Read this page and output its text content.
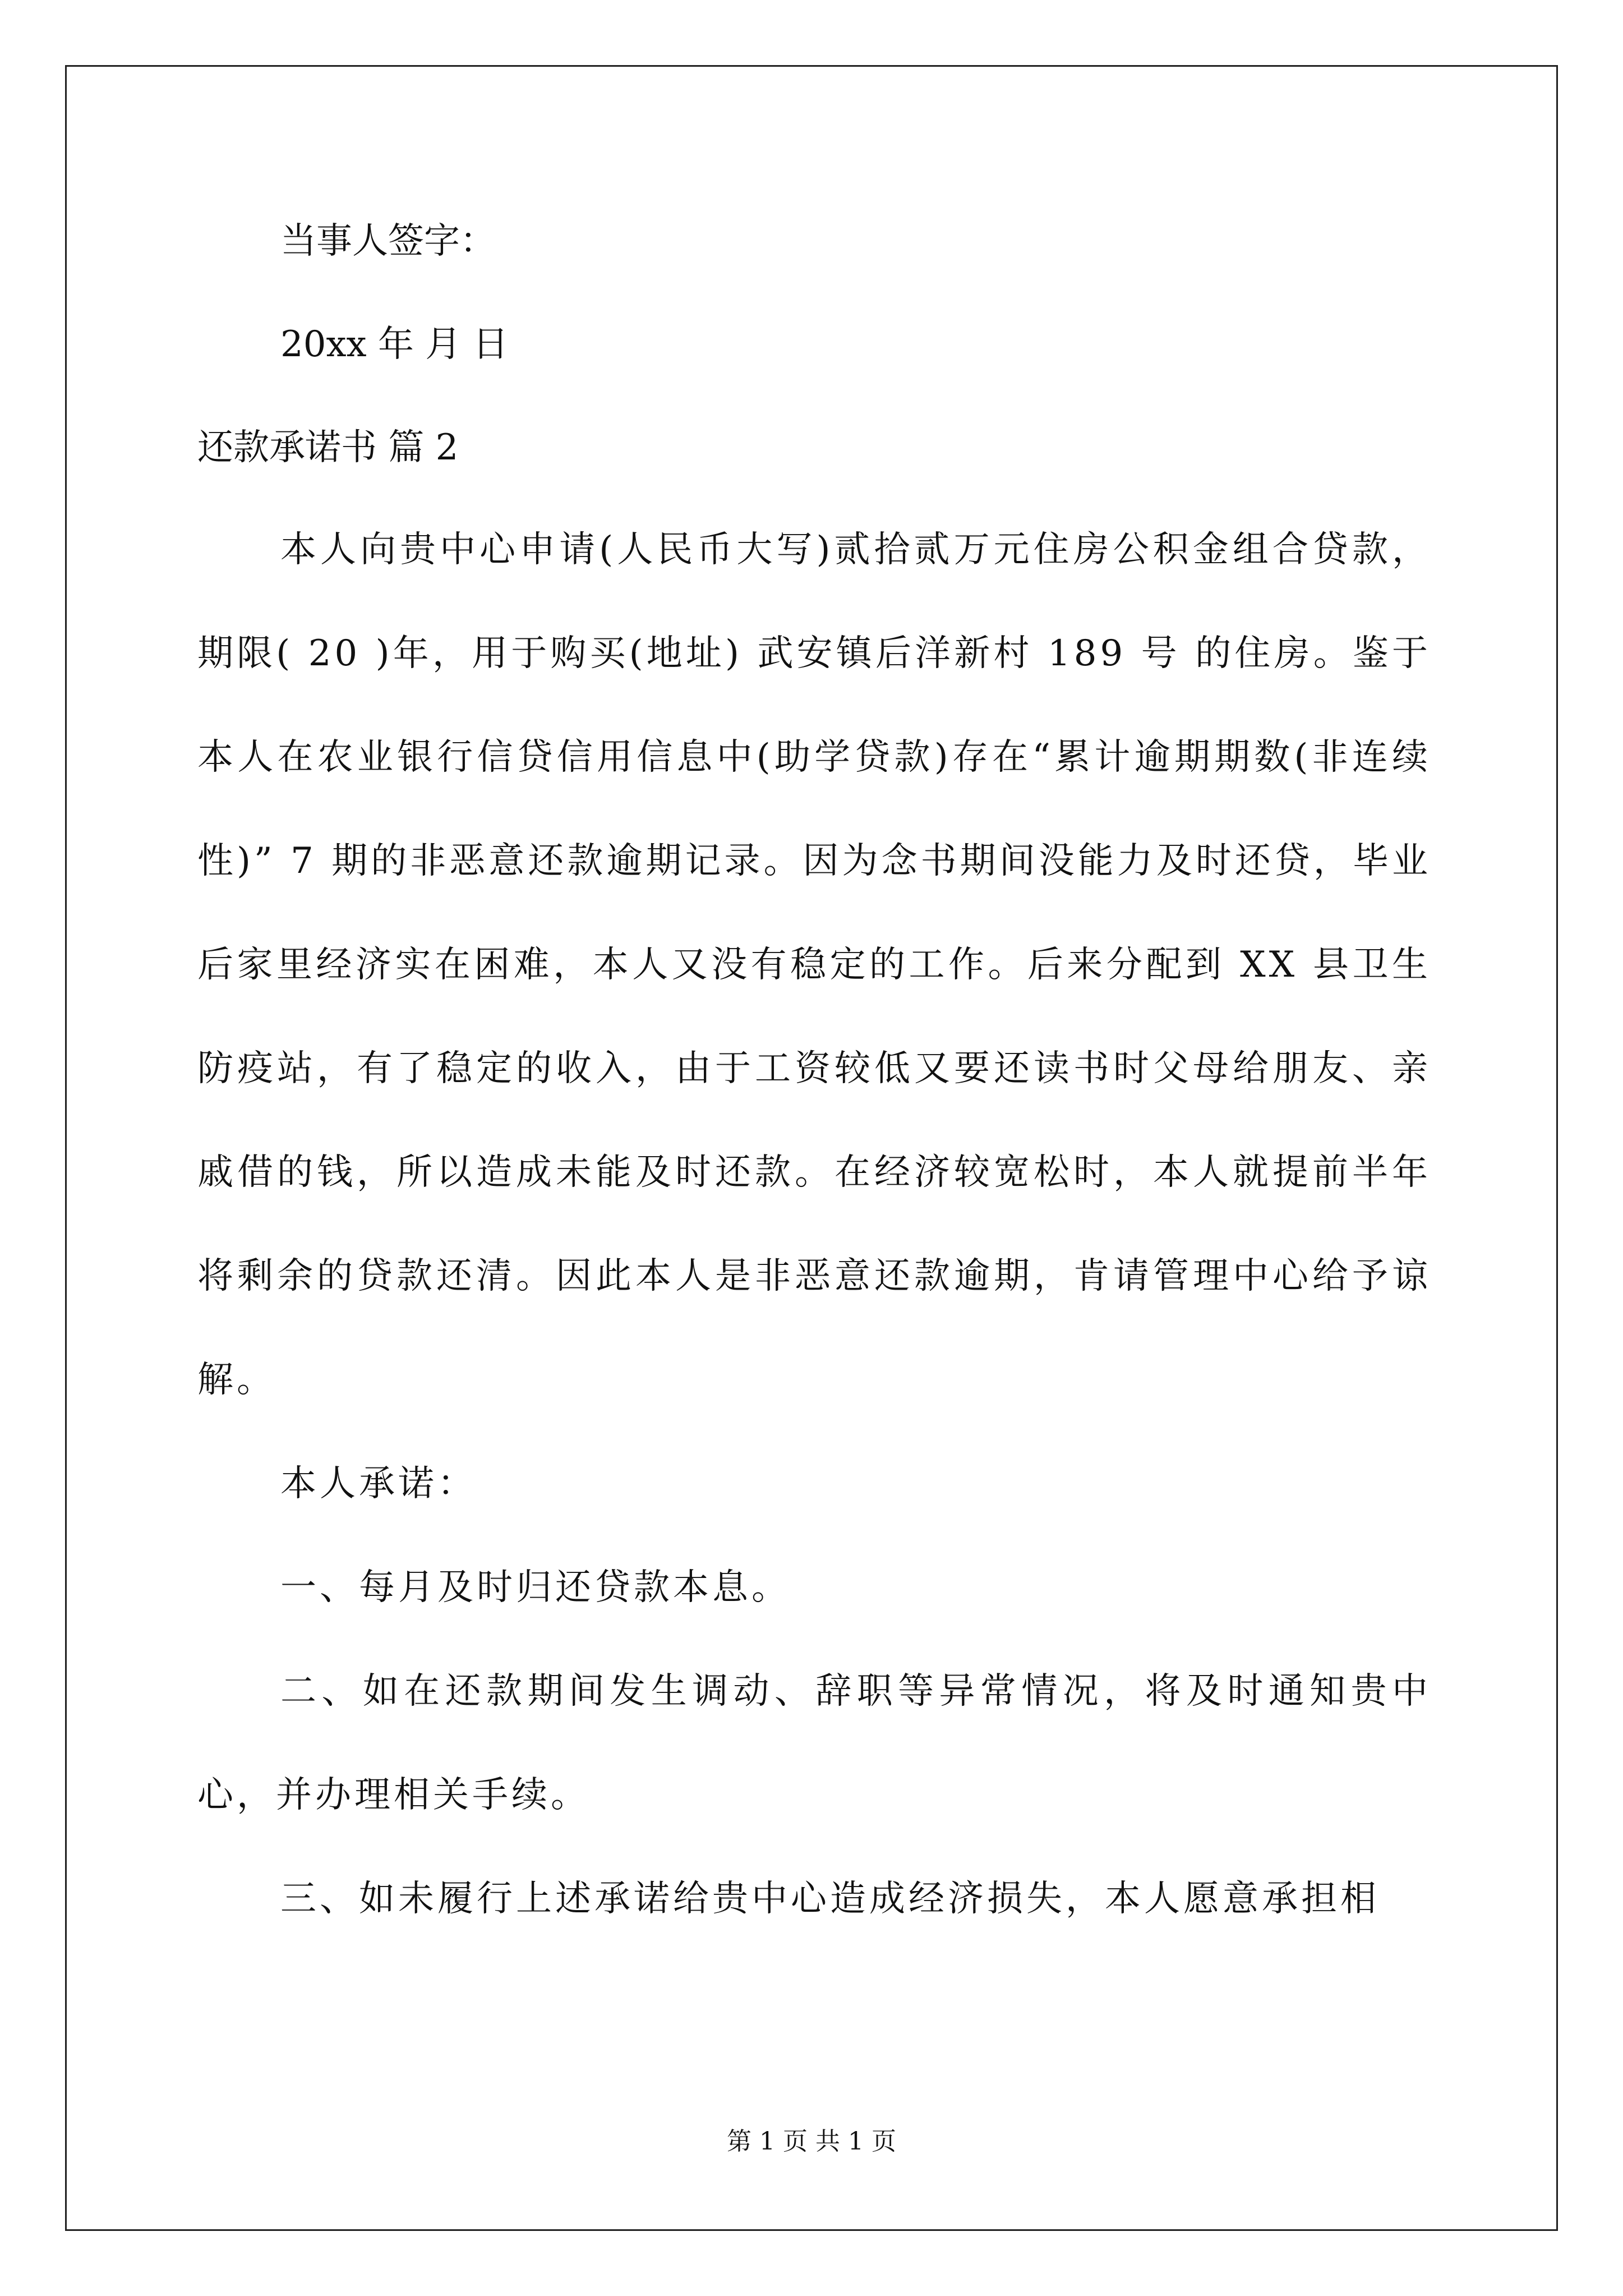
当事人签字：
20xx 年 月 日
还款承诺书 篇 2

本人向贵中心申请(人民币大写)贰拾贰万元住房公积金组合贷款，期限( 20 )年，用于购买(地址) 武安镇后洋新村 189 号 的住房。鉴于本人在农业银行信贷信用信息中(助学贷款)存在“累计逾期期数(非连续性)” 7 期的非恶意还款逾期记录。因为念书期间没能力及时还贷，毕业后家里经济实在困难，本人又没有稳定的工作。后来分配到 XX 县卫生防疫站，有了稳定的收入，由于工资较低又要还读书时父母给朋友、亲戚借的钱，所以造成未能及时还款。在经济较宽松时，本人就提前半年将剩余的贷款还清。因此本人是非恶意还款逾期，肯请管理中心给予谅解。

本人承诺：

一、每月及时归还贷款本息。

二、如在还款期间发生调动、辞职等异常情况，将及时通知贵中心，并办理相关手续。

三、如未履行上述承诺给贵中心造成经济损失，本人愿意承担相

第 1 页 共 1 页
